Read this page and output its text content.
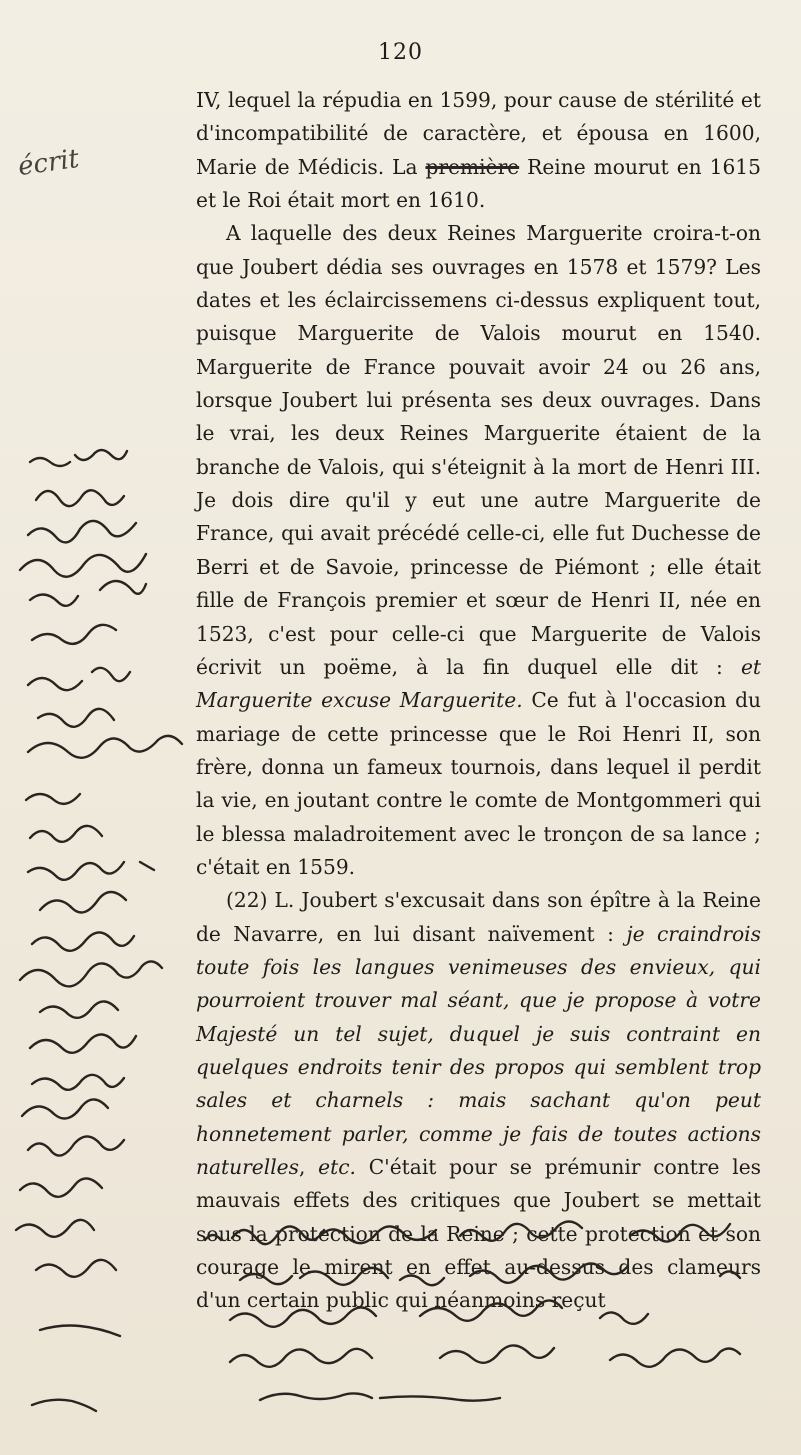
120

IV, lequel la répudia en 1599, pour cause de stérilité et d'incompatibilité de caractère, et épousa en 1600, Marie de Médicis. La première Reine mourut en 1615 et le Roi était mort en 1610.

A laquelle des deux Reines Marguerite croira-t-on que Joubert dédia ses ouvrages en 1578 et 1579? Les dates et les éclaircissemens ci-dessus expliquent tout, puisque Marguerite de Valois mourut en 1540. Marguerite de France pouvait avoir 24 ou 26 ans, lorsque Joubert lui présenta ses deux ouvrages. Dans le vrai, les deux Reines Marguerite étaient de la branche de Valois, qui s'éteignit à la mort de Henri III. Je dois dire qu'il y eut une autre Marguerite de France, qui avait précédé celle-ci, elle fut Duchesse de Berri et de Savoie, princesse de Piémont ; elle était fille de François premier et sœur de Henri II, née en 1523, c'est pour celle-ci que Marguerite de Valois écrivit un poëme, à la fin duquel elle dit : et Marguerite excuse Marguerite. Ce fut à l'occasion du mariage de cette princesse que le Roi Henri II, son frère, donna un fameux tournois, dans lequel il perdit la vie, en joutant contre le comte de Montgommeri qui le blessa maladroitement avec le tronçon de sa lance ; c'était en 1559.

(22) L. Joubert s'excusait dans son épître à la Reine de Navarre, en lui disant naïvement : je craindrois toute fois les langues venimeuses des envieux, qui pourroient trouver mal séant, que je propose à votre Majesté un tel sujet, duquel je suis contraint en quelques endroits tenir des propos qui semblent trop sales et charnels : mais sachant qu'on peut honnetement parler, comme je fais de toutes actions naturelles, etc. C'était pour se prémunir contre les mauvais effets des critiques que Joubert se mettait sous la protection de la Reine ; cette protection et son courage le mirent en effet au-dessus des clameurs d'un certain public qui néanmoins reçut

écrit
